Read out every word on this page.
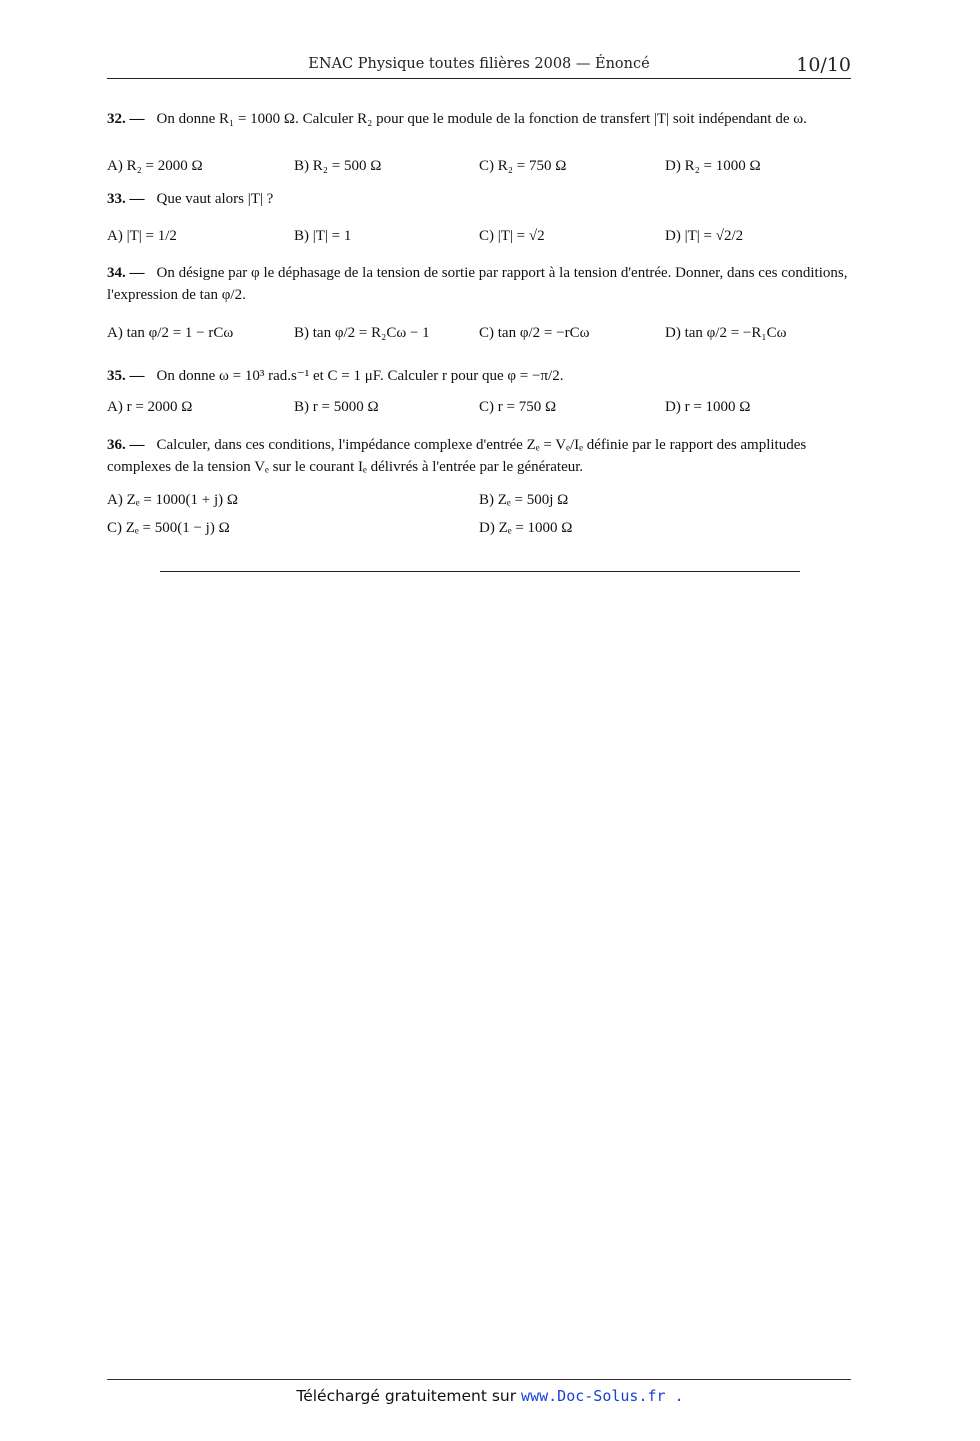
ENAC Physique toutes filières 2008 — Énoncé	10/10
32. — On donne R₁ = 1000 Ω. Calculer R₂ pour que le module de la fonction de transfert |T| soit indépendant de ω.
A) R₂ = 2000 Ω	B) R₂ = 500 Ω	C) R₂ = 750 Ω	D) R₂ = 1000 Ω
33. — Que vaut alors |T| ?
A) |T| = 1/2	B) |T| = 1	C) |T| = √2	D) |T| = √2/2
34. — On désigne par φ le déphasage de la tension de sortie par rapport à la tension d'entrée. Donner, dans ces conditions, l'expression de tan φ/2.
A) tan φ/2 = 1 − rCω	B) tan φ/2 = R₂Cω − 1	C) tan φ/2 = −rCω	D) tan φ/2 = −R₁Cω
35. — On donne ω = 10³ rad.s⁻¹ et C = 1 μF. Calculer r pour que φ = −π/2.
A) r = 2000 Ω	B) r = 5000 Ω	C) r = 750 Ω	D) r = 1000 Ω
36. — Calculer, dans ces conditions, l'impédance complexe d'entrée Zₑ = Vₑ/Iₑ définie par le rapport des amplitudes complexes de la tension Vₑ sur le courant Iₑ délivrés à l'entrée par le générateur.
A) Zₑ = 1000(1 + j) Ω	B) Zₑ = 500j Ω
C) Zₑ = 500(1 − j) Ω	D) Zₑ = 1000 Ω
Téléchargé gratuitement sur www.Doc-Solus.fr .
